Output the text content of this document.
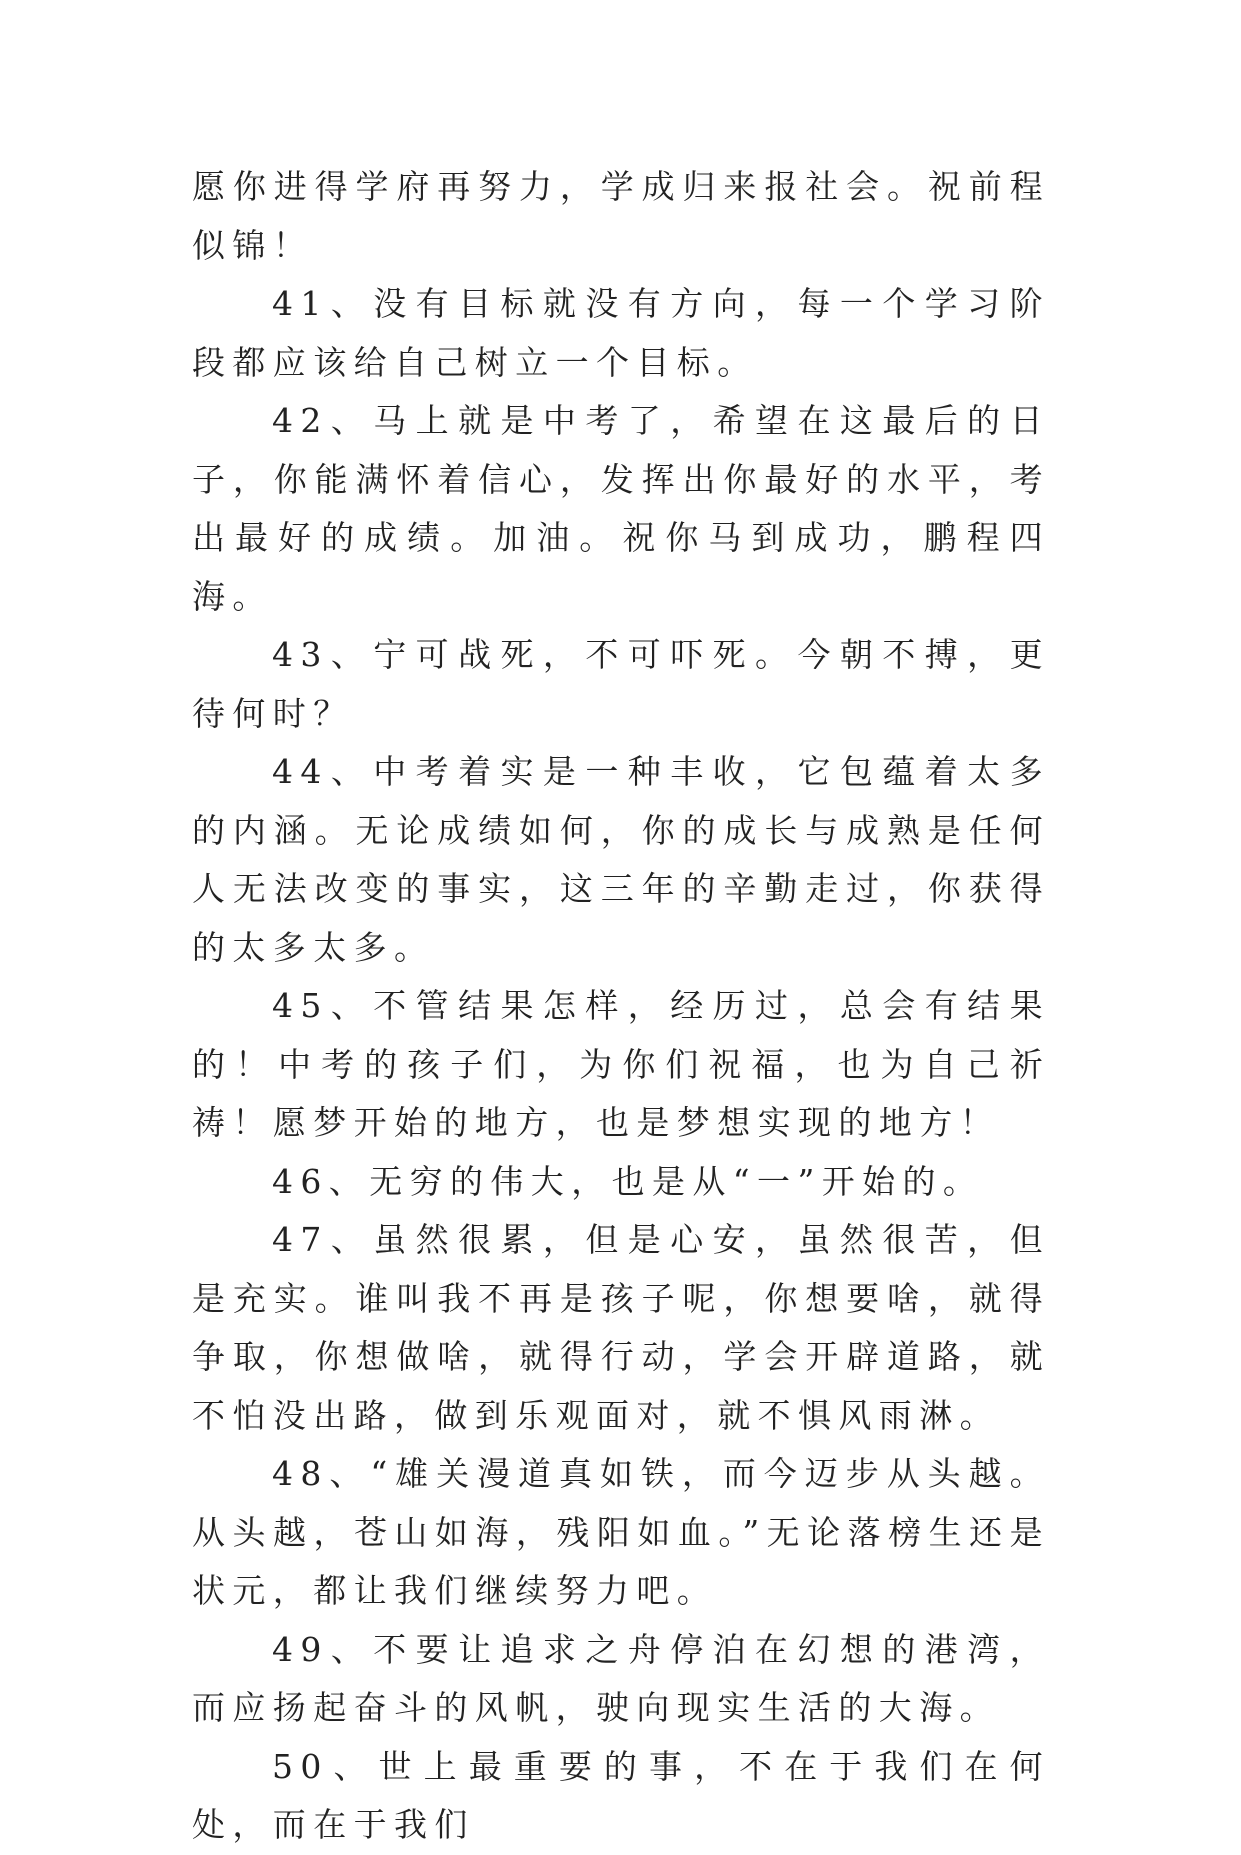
愿你进得学府再努力，学成归来报社会。祝前程似锦！

41、没有目标就没有方向，每一个学习阶段都应该给自己树立一个目标。

42、马上就是中考了，希望在这最后的日子，你能满怀着信心，发挥出你最好的水平，考出最好的成绩。加油。祝你马到成功，鹏程四海。

43、宁可战死，不可吓死。今朝不搏，更待何时？

44、中考着实是一种丰收，它包蕴着太多的内涵。无论成绩如何，你的成长与成熟是任何人无法改变的事实，这三年的辛勤走过，你获得的太多太多。

45、不管结果怎样，经历过，总会有结果的！中考的孩子们，为你们祝福，也为自己祈祷！愿梦开始的地方，也是梦想实现的地方！

46、无穷的伟大，也是从“一”开始的。

47、虽然很累，但是心安，虽然很苦，但是充实。谁叫我不再是孩子呢，你想要啥，就得争取，你想做啥，就得行动，学会开辟道路，就不怕没出路，做到乐观面对，就不惧风雨淋。

48、“雄关漫道真如铁，而今迈步从头越。从头越，苍山如海，残阳如血。”无论落榜生还是状元，都让我们继续努力吧。

49、不要让追求之舟停泊在幻想的港湾，而应扬起奋斗的风帆，驶向现实生活的大海。

50、世上最重要的事，不在于我们在何处，而在于我们
